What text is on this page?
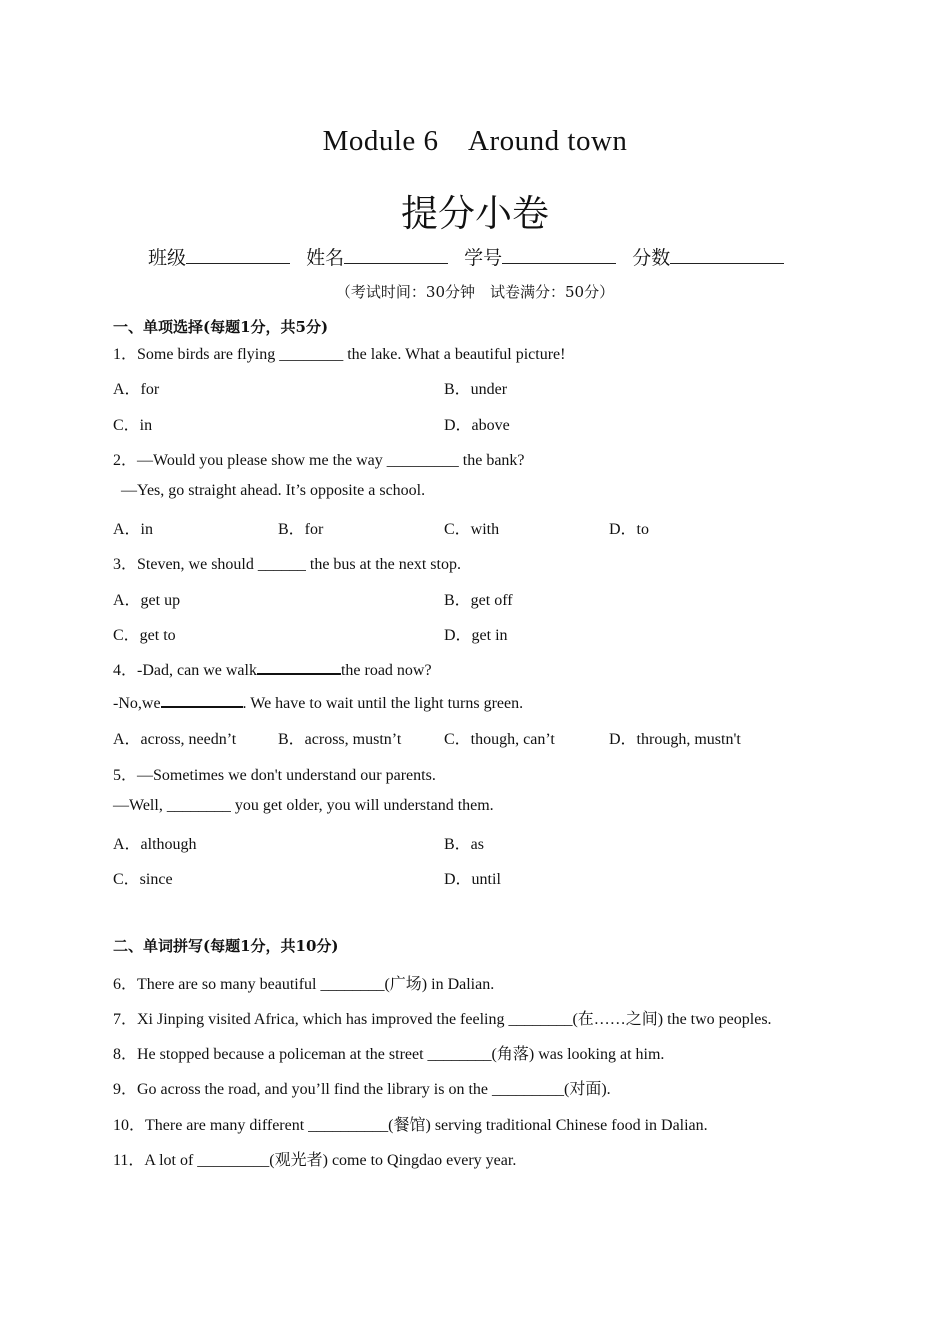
Module 6　Around town
提分小卷
班级	姓名	学号	分数
（考试时间：30分钟　试卷满分：50分）
一、单项选择(每题1分，共5分)
1．Some birds are flying ________ the lake. What a beautiful picture!
A．for	B．under
C．in	D．above
2．—Would you please show me the way _________ the bank?
—Yes, go straight ahead. It’s opposite a school.
A．in	B．for	C．with	D．to
3．Steven, we should ______ the bus at the next stop.
A．get up	B．get off
C．get to	D．get in
4．-Dad, can we walk	the road now?
-No,we	. We have to wait until the light turns green.
A．across, needn’t	B．across, mustn’t	C．though, can’t	D．through, mustn't
5．—Sometimes we don't understand our parents.
—Well, ________ you get older, you will understand them.
A．although	B．as
C．since	D．until
二、单词拼写(每题1分，共10分)
6．There are so many beautiful ________(广场) in Dalian.
7．Xi Jinping visited Africa, which has improved the feeling ________(在……之间) the two peoples.
8．He stopped because a policeman at the street ________(角落) was looking at him.
9．Go across the road, and you’ll find the library is on the _________(对面).
10．There are many different __________(餐馆) serving traditional Chinese food in Dalian.
11．A lot of _________(观光者) come to Qingdao every year.
